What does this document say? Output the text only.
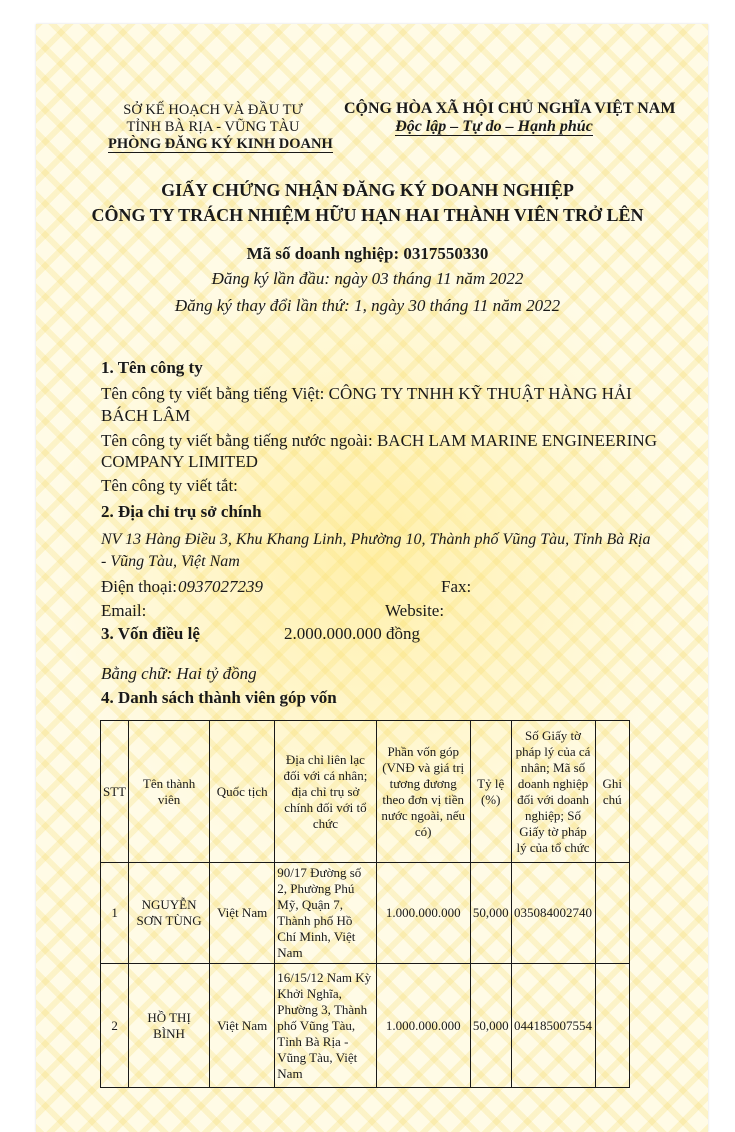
SỞ KẾ HOẠCH VÀ ĐẦU TƯ
TỈNH BÀ RỊA - VŨNG TÀU
PHÒNG ĐĂNG KÝ KINH DOANH
CỘNG HÒA XÃ HỘI CHỦ NGHĨA VIỆT NAM
Độc lập – Tự do – Hạnh phúc
GIẤY CHỨNG NHẬN ĐĂNG KÝ DOANH NGHIỆP
CÔNG TY TRÁCH NHIỆM HỮU HẠN HAI THÀNH VIÊN TRỞ LÊN
Mã số doanh nghiệp: 0317550330
Đăng ký lần đầu: ngày 03 tháng 11 năm 2022
Đăng ký thay đổi lần thứ: 1, ngày 30 tháng 11 năm 2022
1. Tên công ty
Tên công ty viết bằng tiếng Việt: CÔNG TY TNHH KỸ THUẬT HÀNG HẢI
BÁCH LÂM
Tên công ty viết bằng tiếng nước ngoài: BACH LAM MARINE ENGINEERING
COMPANY LIMITED
Tên công ty viết tắt:
2. Địa chỉ trụ sở chính
NV 13 Hàng Điều 3, Khu Khang Linh, Phường 10, Thành phố Vũng Tàu, Tỉnh Bà Rịa
- Vũng Tàu, Việt Nam
Điện thoại: 0937027239	Fax:
Email:	Website:
3. Vốn điều lệ	2.000.000.000 đồng
Bằng chữ: Hai tỷ đồng
4. Danh sách thành viên góp vốn
STT	Tên thành viên	Quốc tịch	Địa chỉ liên lạc đối với cá nhân; địa chỉ trụ sở chính đối với tổ chức	Phần vốn góp (VNĐ và giá trị tương đương theo đơn vị tiền nước ngoài, nếu có)	Tỷ lệ (%)	Số Giấy tờ pháp lý của cá nhân; Mã số doanh nghiệp đối với doanh nghiệp; Số Giấy tờ pháp lý của tổ chức	Ghi chú
1	NGUYỄN SƠN TÙNG	Việt Nam	90/17 Đường số 2, Phường Phú Mỹ, Quận 7, Thành phố Hồ Chí Minh, Việt Nam	1.000.000.000	50,000	035084002740	
2	HỒ THỊ BÌNH	Việt Nam	16/15/12 Nam Kỳ Khởi Nghĩa, Phường 3, Thành phố Vũng Tàu, Tỉnh Bà Rịa - Vũng Tàu, Việt Nam	1.000.000.000	50,000	044185007554	
